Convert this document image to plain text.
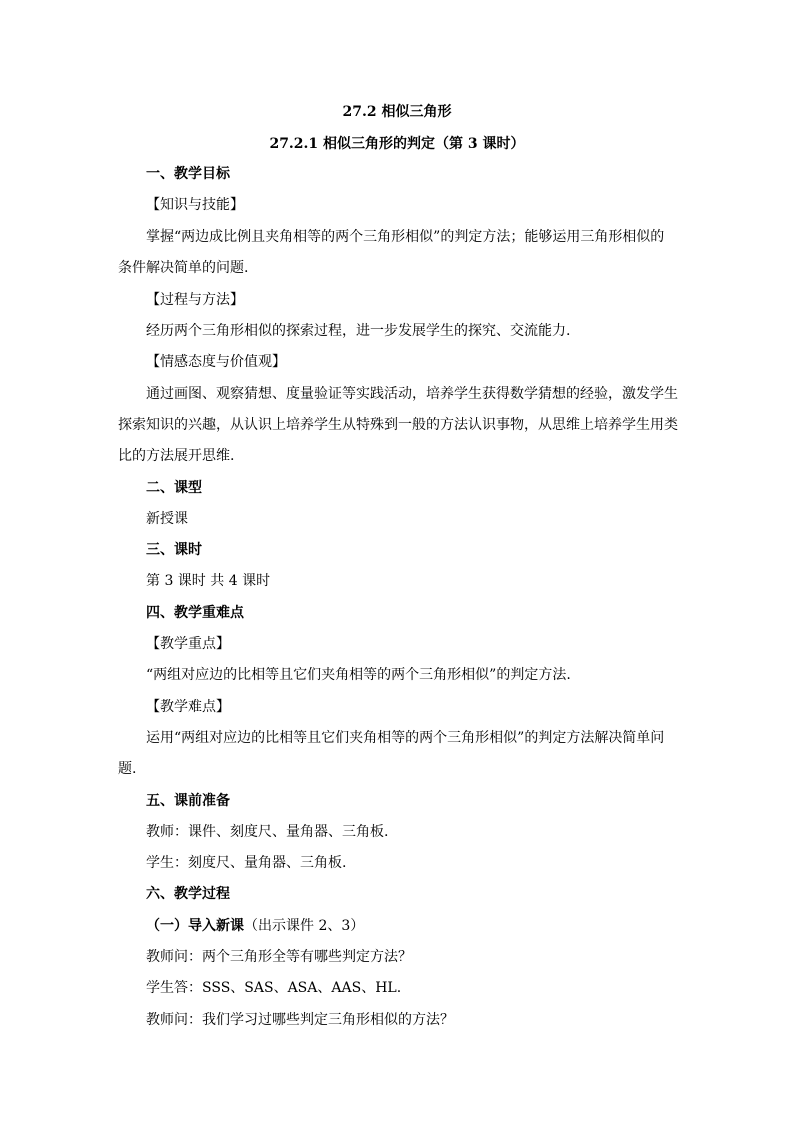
27.2 相似三角形
27.2.1 相似三角形的判定（第 3 课时）
一、教学目标
【知识与技能】
掌握“两边成比例且夹角相等的两个三角形相似”的判定方法；能够运用三角形相似的
条件解决简单的问题.
【过程与方法】
经历两个三角形相似的探索过程，进一步发展学生的探究、交流能力.
【情感态度与价值观】
通过画图、观察猜想、度量验证等实践活动，培养学生获得数学猜想的经验，激发学生
探索知识的兴趣，从认识上培养学生从特殊到一般的方法认识事物，从思维上培养学生用类
比的方法展开思维.
二、课型
新授课
三、课时
第 3 课时 共 4 课时
四、教学重难点
【教学重点】
“两组对应边的比相等且它们夹角相等的两个三角形相似”的判定方法.
【教学难点】
运用“两组对应边的比相等且它们夹角相等的两个三角形相似”的判定方法解决简单问
题.
五、课前准备
教师：课件、刻度尺、量角器、三角板.
学生：刻度尺、量角器、三角板.
六、教学过程
（一）导入新课（出示课件 2、3）
教师问：两个三角形全等有哪些判定方法？
学生答：SSS、SAS、ASA、AAS、HL.
教师问：我们学习过哪些判定三角形相似的方法？
